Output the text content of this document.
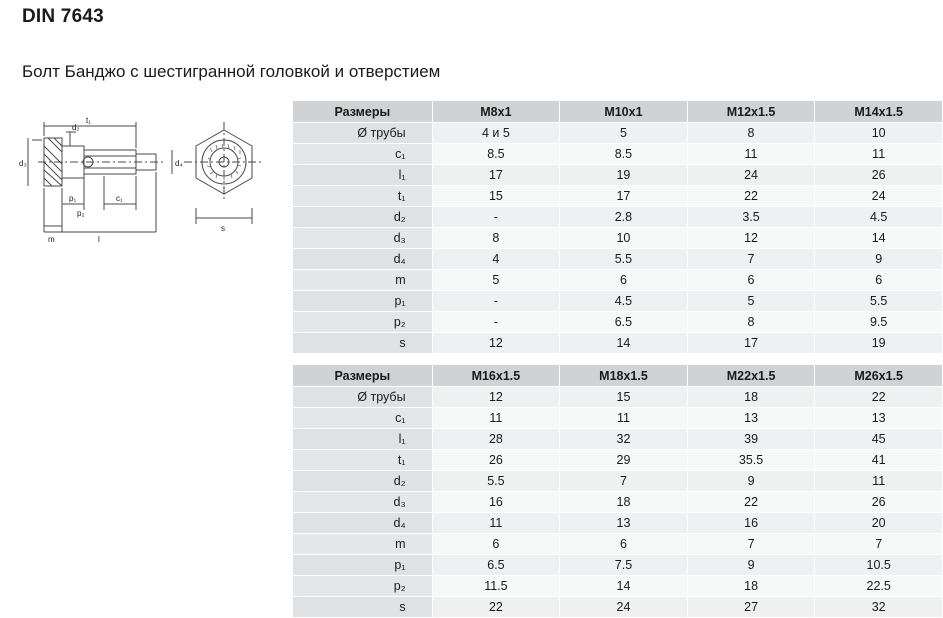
DIN 7643
Болт Банджо с шестигранной головкой и отверстием
t₁
d₂
d₃	d₄
p₁
p₂
c₁
m	l
s
Размеры	M8x1	M10x1	M12x1.5	M14x1.5
Ø трубы	4 и 5	5	8	10
c₁	8.5	8.5	11	11
l₁	17	19	24	26
t₁	15	17	22	24
d₂	-	2.8	3.5	4.5
d₃	8	10	12	14
d₄	4	5.5	7	9
m	5	6	6	6
p₁	-	4.5	5	5.5
p₂	-	6.5	8	9.5
s	12	14	17	19
Размеры	M16x1.5	M18x1.5	M22x1.5	M26x1.5
Ø трубы	12	15	18	22
c₁	11	11	13	13
l₁	28	32	39	45
t₁	26	29	35.5	41
d₂	5.5	7	9	11
d₃	16	18	22	26
d₄	11	13	16	20
m	6	6	7	7
p₁	6.5	7.5	9	10.5
p₂	11.5	14	18	22.5
s	22	24	27	32
